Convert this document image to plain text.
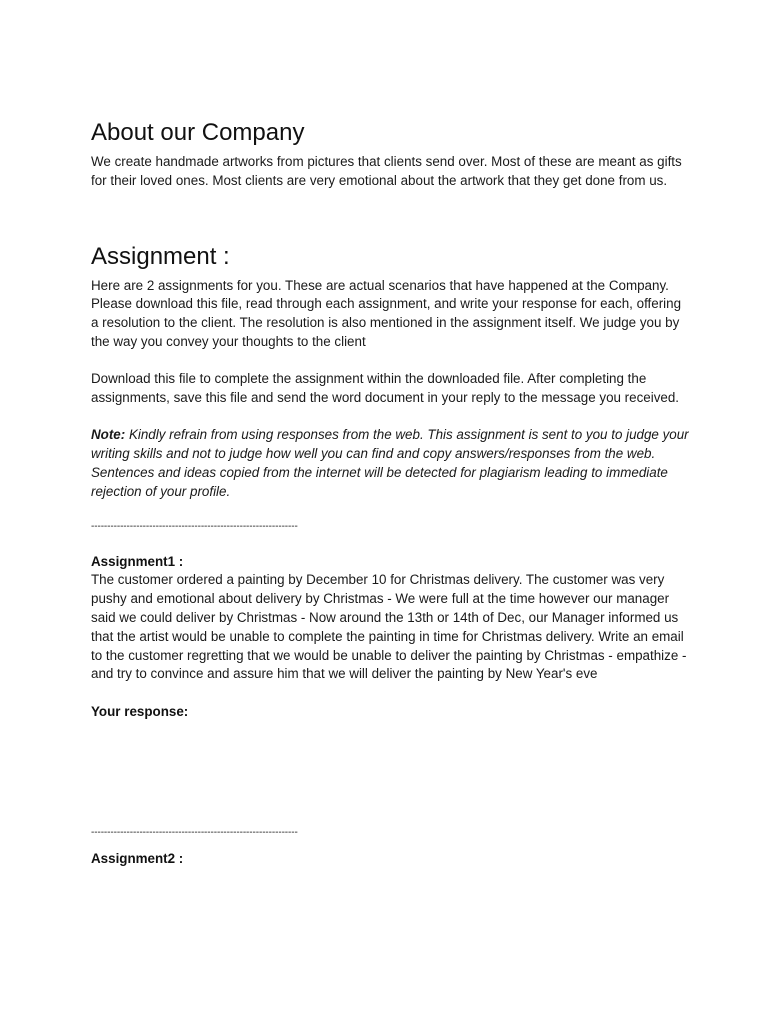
About our Company

We create handmade artworks from pictures that clients send over. Most of these are meant as gifts for their loved ones. Most clients are very emotional about the artwork that they get done from us.

Assignment :

Here are 2 assignments for you. These are actual scenarios that have happened at the Company. Please download this file, read through each assignment, and write your response for each, offering a resolution to the client. The resolution is also mentioned in the assignment itself. We judge you by the way you convey your thoughts to the client

Download this file to complete the assignment within the downloaded file. After completing the assignments, save this file and send the word document in your reply to the message you received.

Note: Kindly refrain from using responses from the web. This assignment is sent to you to judge your writing skills and not to judge how well you can find and copy answers/responses from the web. Sentences and ideas copied from the internet will be detected for plagiarism leading to immediate rejection of your profile.

----------------------------------------------------------------

Assignment1 :

The customer ordered a painting by December 10 for Christmas delivery. The customer was very pushy and emotional about delivery by Christmas - We were full at the time however our manager said we could deliver by Christmas - Now around the 13th or 14th of Dec, our Manager informed us that the artist would be unable to complete the painting in time for Christmas delivery. Write an email to the customer regretting that we would be unable to deliver the painting by Christmas - empathize - and try to convince and assure him that we will deliver the painting by New Year's eve

Your response:

----------------------------------------------------------------

Assignment2 :
